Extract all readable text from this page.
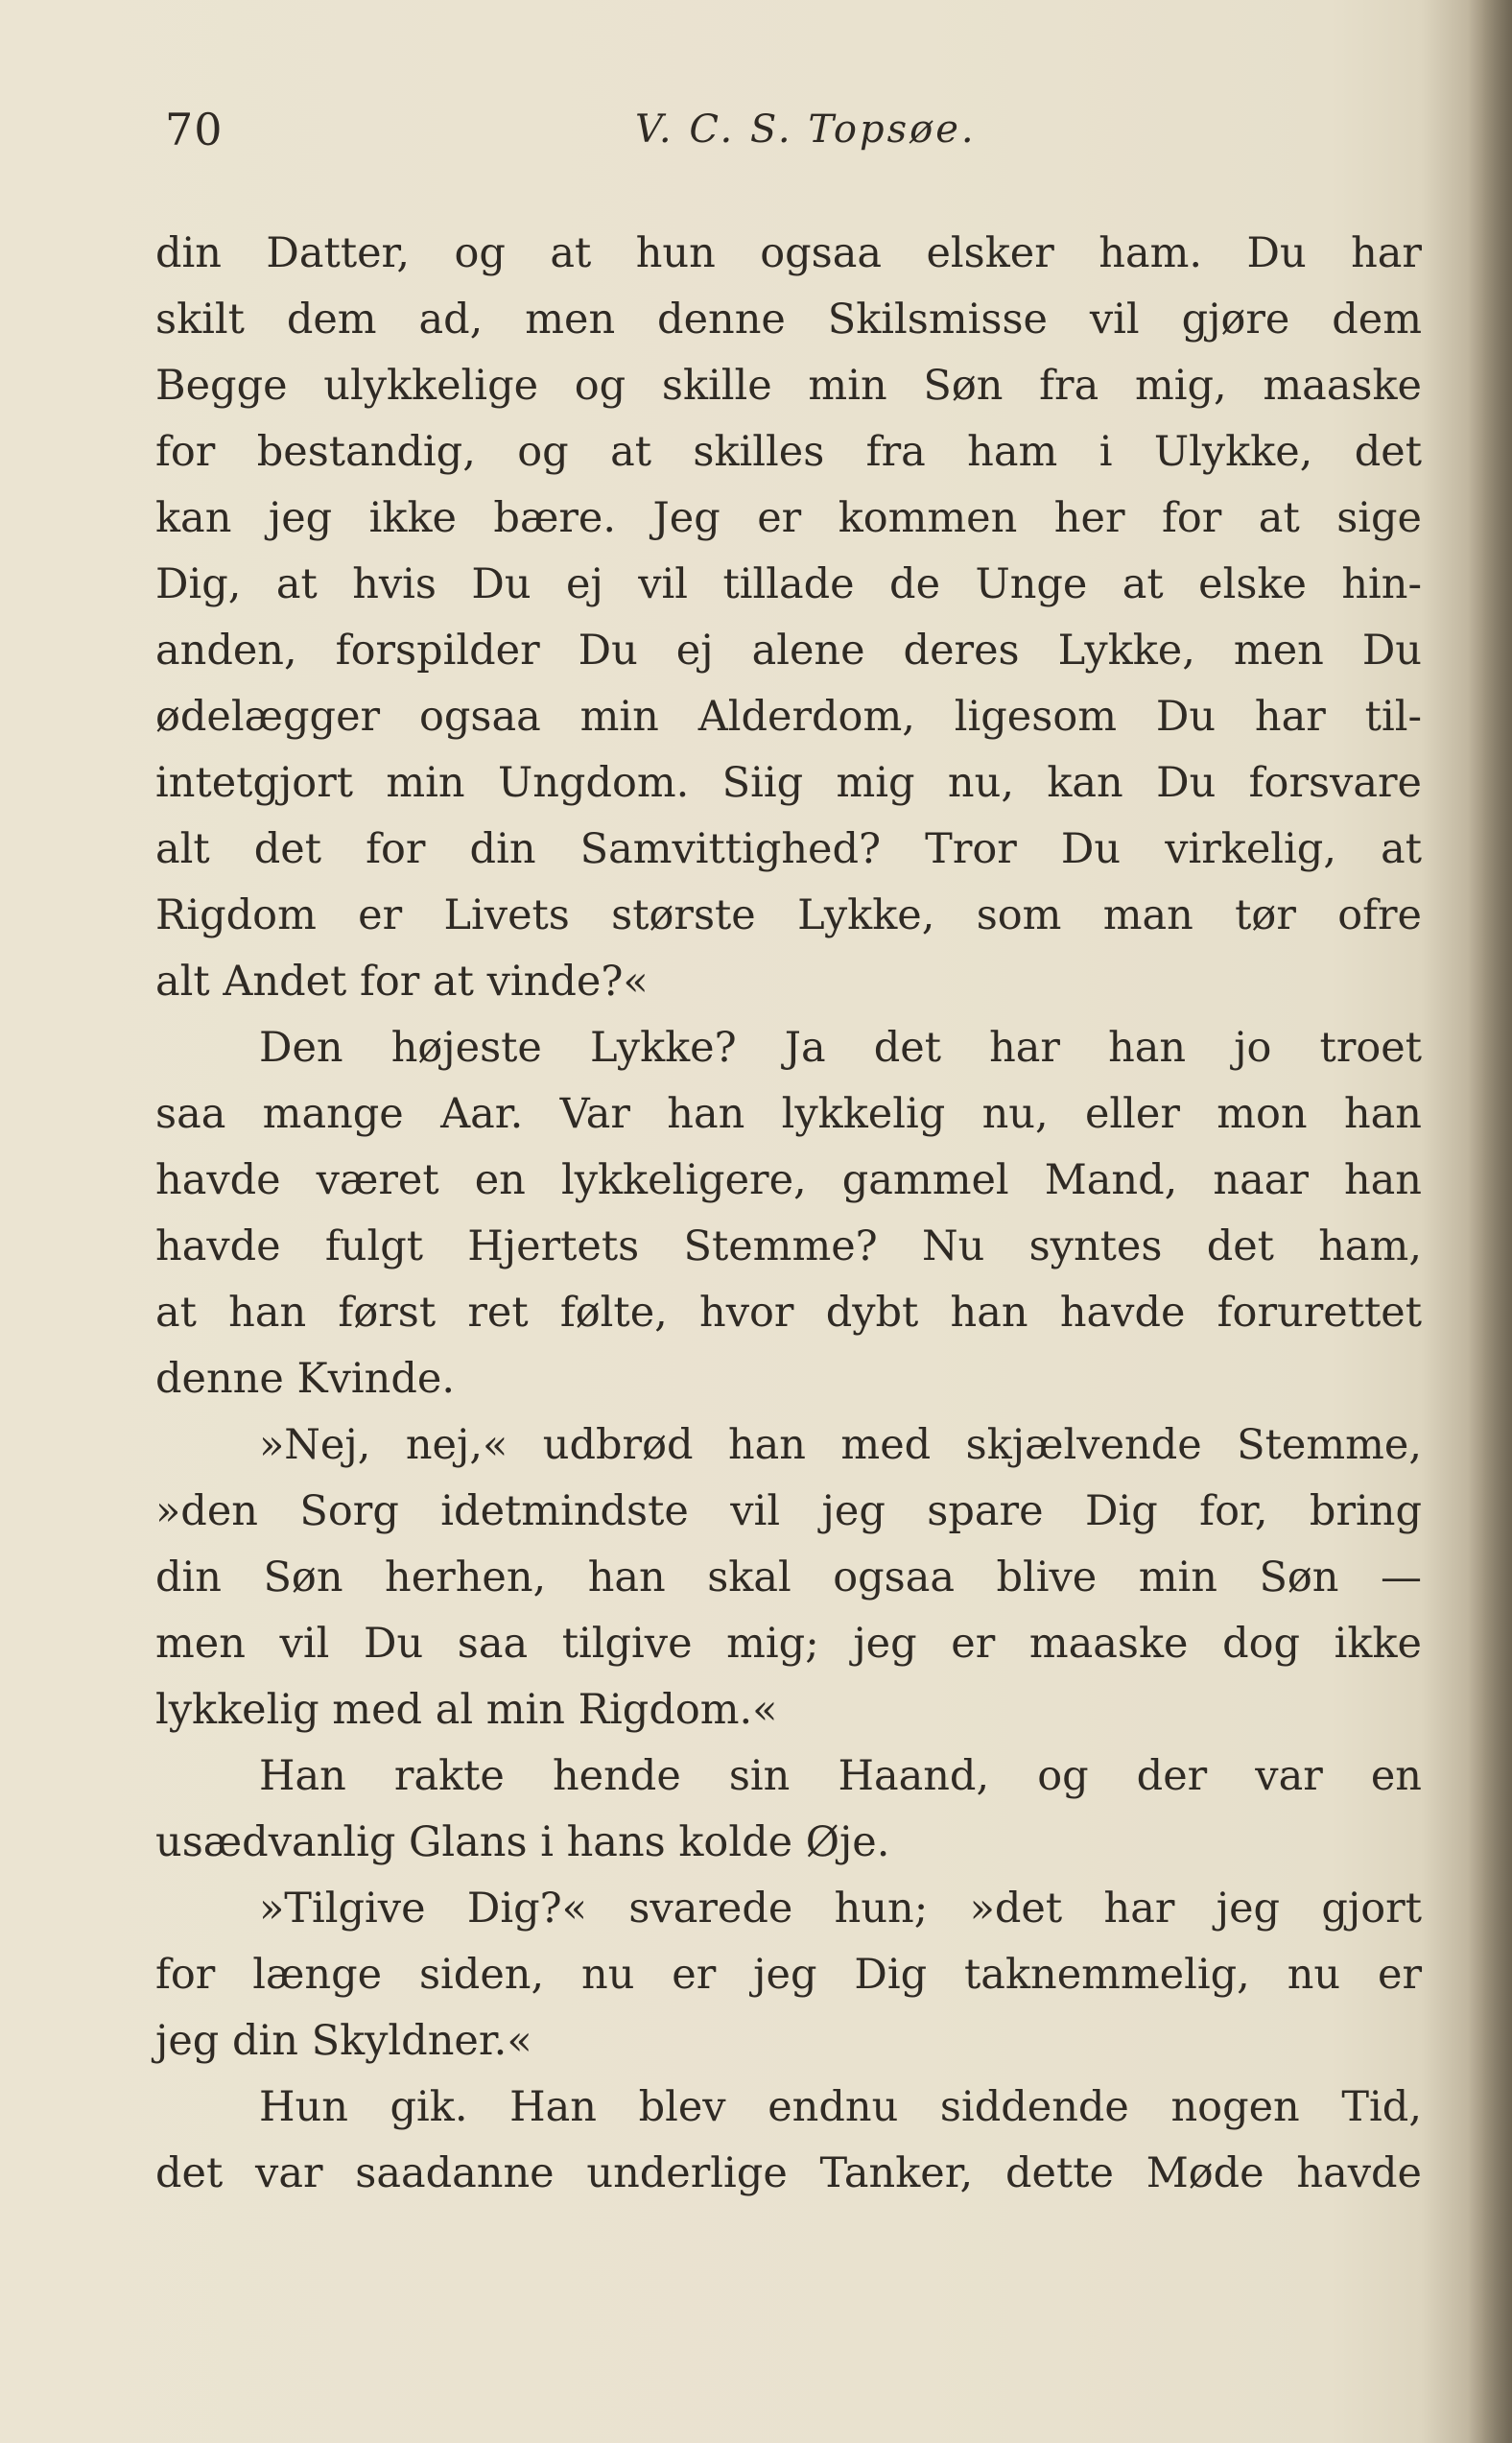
70	V. C. S. Topsøe.
din Datter, og at hun ogsaa elsker ham. Du har
skilt dem ad, men denne Skilsmisse vil gjøre dem
Begge ulykkelige og skille min Søn fra mig, maaske
for bestandig, og at skilles fra ham i Ulykke, det
kan jeg ikke bære. Jeg er kommen her for at sige
Dig, at hvis Du ej vil tillade de Unge at elske hin-
anden, forspilder Du ej alene deres Lykke, men Du
ødelægger ogsaa min Alderdom, ligesom Du har til-
intetgjort min Ungdom. Siig mig nu, kan Du forsvare
alt det for din Samvittighed? Tror Du virkelig, at
Rigdom er Livets største Lykke, som man tør ofre
alt Andet for at vinde?«
Den højeste Lykke? Ja det har han jo troet
saa mange Aar. Var han lykkelig nu, eller mon han
havde været en lykkeligere, gammel Mand, naar han
havde fulgt Hjertets Stemme? Nu syntes det ham,
at han først ret følte, hvor dybt han havde forurettet
denne Kvinde.
»Nej, nej,« udbrød han med skjælvende Stemme,
»den Sorg idetmindste vil jeg spare Dig for, bring
din Søn herhen, han skal ogsaa blive min Søn —
men vil Du saa tilgive mig; jeg er maaske dog ikke
lykkelig med al min Rigdom.«
Han rakte hende sin Haand, og der var en
usædvanlig Glans i hans kolde Øje.
»Tilgive Dig?« svarede hun; »det har jeg gjort
for længe siden, nu er jeg Dig taknemmelig, nu er
jeg din Skyldner.«
Hun gik. Han blev endnu siddende nogen Tid,
det var saadanne underlige Tanker, dette Møde havde
